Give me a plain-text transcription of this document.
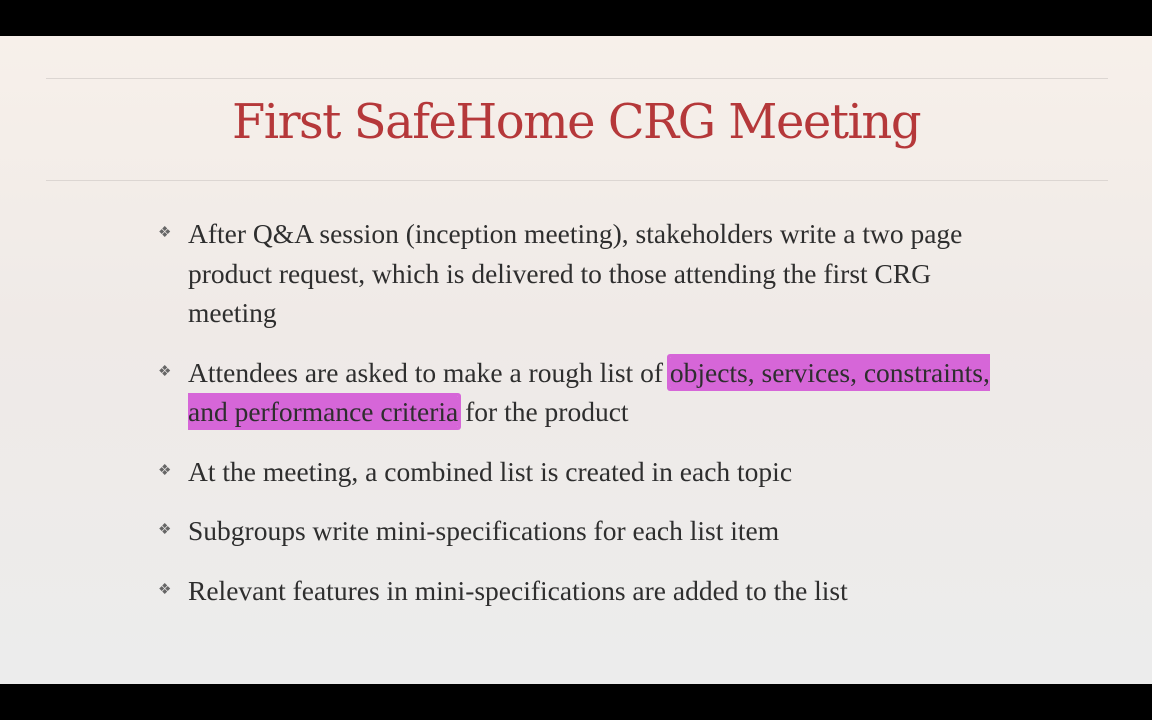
First SafeHome CRG Meeting
❖ After Q&A session (inception meeting), stakeholders write a two page product request, which is delivered to those attending the first CRG meeting
❖ Attendees are asked to make a rough list of objects, services, constraints, and performance criteria for the product
❖ At the meeting, a combined list is created in each topic
❖ Subgroups write mini-specifications for each list item
❖ Relevant features in mini-specifications are added to the list
